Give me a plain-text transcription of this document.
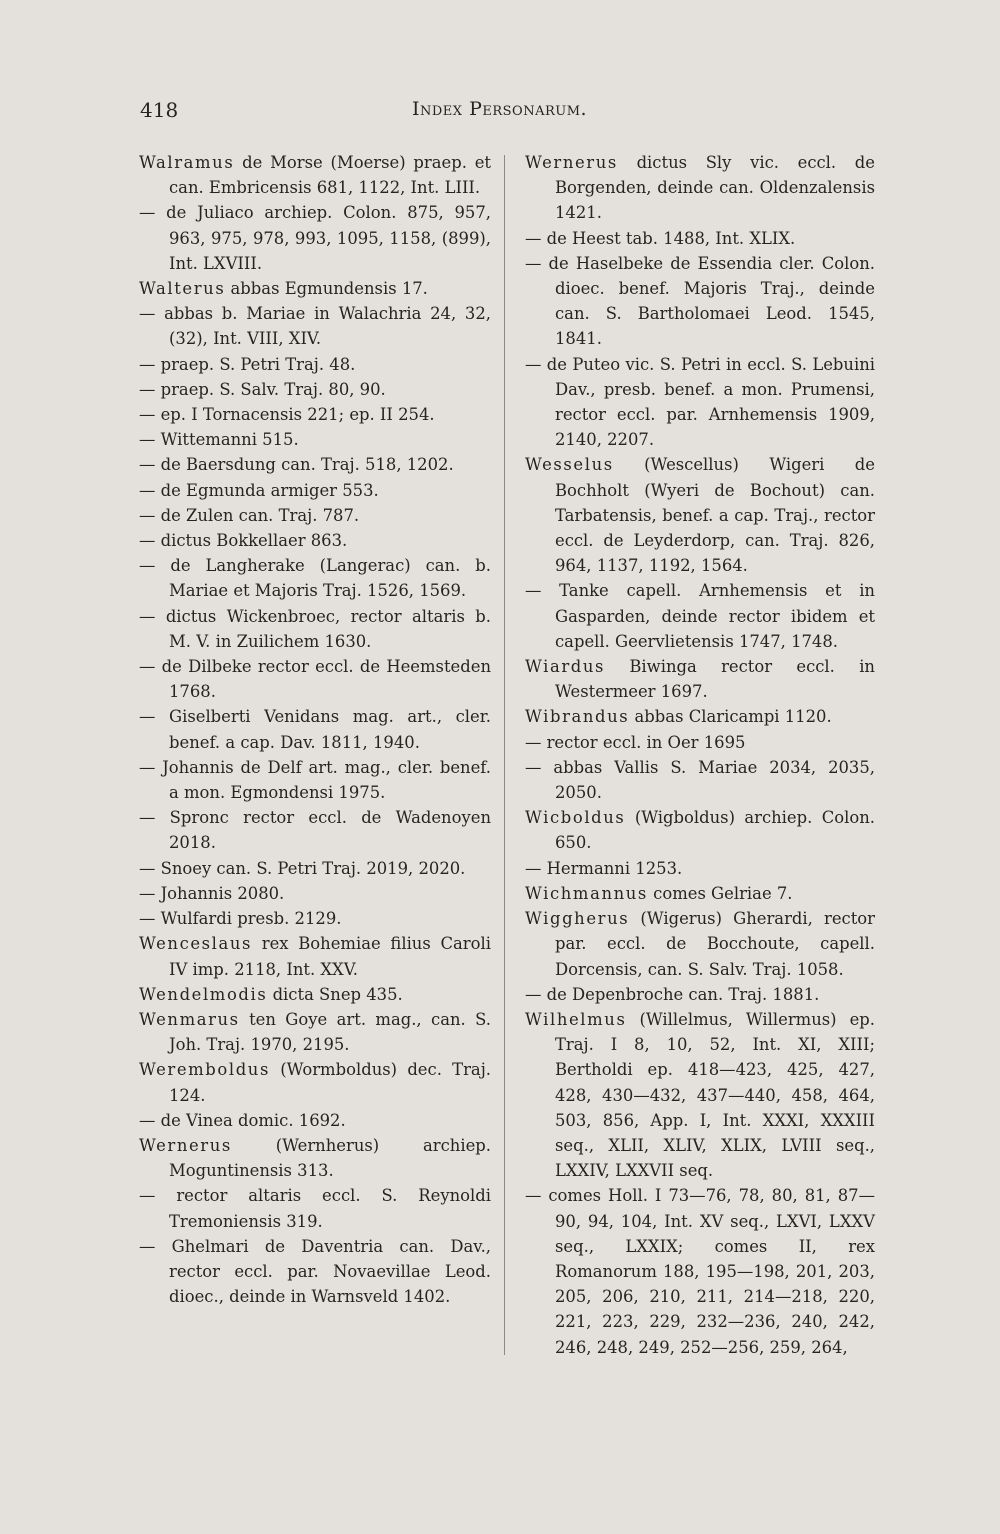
418	Index Personarum.

Walramus de Morse (Moerse) praep. et can. Embricensis 681, 1122, Int. LIII.

— de Juliaco archiep. Colon. 875, 957, 963, 975, 978, 993, 1095, 1158, (899), Int. LXVIII.

Walterus abbas Egmundensis 17.

— abbas b. Mariae in Walachria 24, 32, (32), Int. VIII, XIV.

— praep. S. Petri Traj. 48.

— praep. S. Salv. Traj. 80, 90.

— ep. I Tornacensis 221; ep. II 254.

— Wittemanni 515.

— de Baersdung can. Traj. 518, 1202.

— de Egmunda armiger 553.

— de Zulen can. Traj. 787.

— dictus Bokkellaer 863.

— de Langherake (Langerac) can. b. Mariae et Majoris Traj. 1526, 1569.

— dictus Wickenbroec, rector altaris b. M. V. in Zuilichem 1630.

— de Dilbeke rector eccl. de Heemsteden 1768.

— Giselberti Venidans mag. art., cler. benef. a cap. Dav. 1811, 1940.

— Johannis de Delf art. mag., cler. benef. a mon. Egmondensi 1975.

— Spronc rector eccl. de Wadenoyen 2018.

— Snoey can. S. Petri Traj. 2019, 2020.

— Johannis 2080.

— Wulfardi presb. 2129.

Wenceslaus rex Bohemiae filius Caroli IV imp. 2118, Int. XXV.

Wendelmodis dicta Snep 435.

Wenmarus ten Goye art. mag., can. S. Joh. Traj. 1970, 2195.

Weremboldus (Wormboldus) dec. Traj. 124.

— de Vinea domic. 1692.

Wernerus (Wernherus) archiep. Moguntinensis 313.

— rector altaris eccl. S. Reynoldi Tremoniensis 319.

— Ghelmari de Daventria can. Dav., rector eccl. par. Novaevillae Leod. dioec., deinde in Warnsveld 1402.

Wernerus dictus Sly vic. eccl. de Borgenden, deinde can. Oldenzalensis 1421.

— de Heest tab. 1488, Int. XLIX.

— de Haselbeke de Essendia cler. Colon. dioec. benef. Majoris Traj., deinde can. S. Bartholomaei Leod. 1545, 1841.

— de Puteo vic. S. Petri in eccl. S. Lebuini Dav., presb. benef. a mon. Prumensi, rector eccl. par. Arnhemensis 1909, 2140, 2207.

Wesselus (Wescellus) Wigeri de Bochholt (Wyeri de Bochout) can. Tarbatensis, benef. a cap. Traj., rector eccl. de Leyderdorp, can. Traj. 826, 964, 1137, 1192, 1564.

— Tanke capell. Arnhemensis et in Gasparden, deinde rector ibidem et capell. Geervlietensis 1747, 1748.

Wiardus Biwinga rector eccl. in Westermeer 1697.

Wibrandus abbas Claricampi 1120.

— rector eccl. in Oer 1695

— abbas Vallis S. Mariae 2034, 2035, 2050.

Wicboldus (Wigboldus) archiep. Colon. 650.

— Hermanni 1253.

Wichmannus comes Gelriae 7.

Wiggherus (Wigerus) Gherardi, rector par. eccl. de Bocchoute, capell. Dorcensis, can. S. Salv. Traj. 1058.

— de Depenbroche can. Traj. 1881.

Wilhelmus (Willelmus, Willermus) ep. Traj. I 8, 10, 52, Int. XI, XIII; Bertholdi ep. 418—423, 425, 427, 428, 430—432, 437—440, 458, 464, 503, 856, App. I, Int. XXXI, XXXIII seq., XLII, XLIV, XLIX, LVIII seq., LXXIV, LXXVII seq.

— comes Holl. I 73—76, 78, 80, 81, 87—90, 94, 104, Int. XV seq., LXVI, LXXV seq., LXXIX; comes II, rex Romanorum 188, 195—198, 201, 203, 205, 206, 210, 211, 214—218, 220, 221, 223, 229, 232—236, 240, 242, 246, 248, 249, 252—256, 259, 264,
